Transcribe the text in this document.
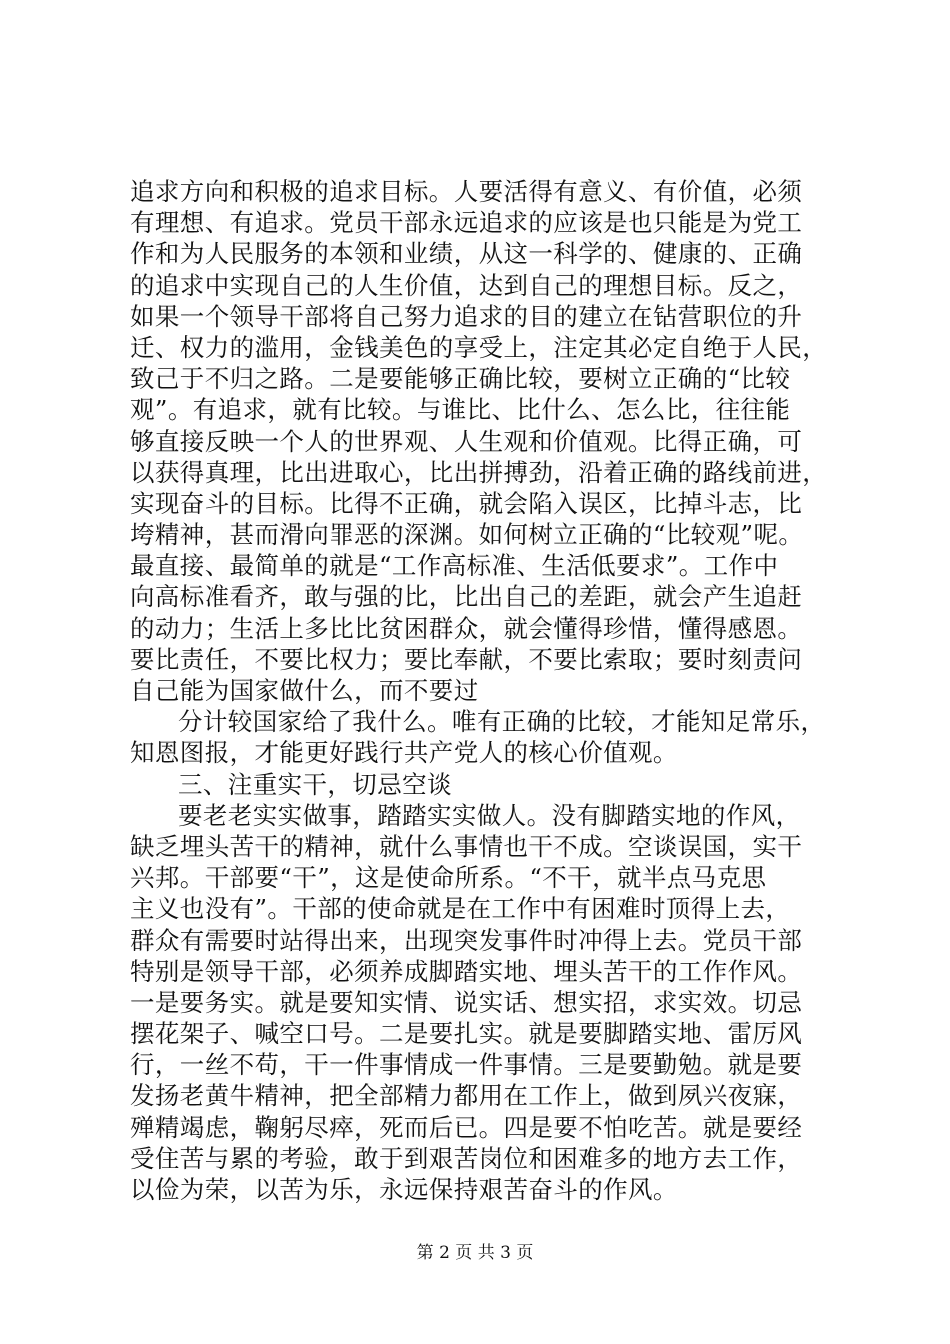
追求方向和积极的追求目标。人要活得有意义、有价值，必须
有理想、有追求。党员干部永远追求的应该是也只能是为党工
作和为人民服务的本领和业绩，从这一科学的、健康的、正确
的追求中实现自己的人生价值，达到自己的理想目标。反之，
如果一个领导干部将自己努力追求的目的建立在钻营职位的升
迁、权力的滥用，金钱美色的享受上，注定其必定自绝于人民，
致己于不归之路。二是要能够正确比较，要树立正确的“比较
观”。有追求，就有比较。与谁比、比什么、怎么比，往往能
够直接反映一个人的世界观、人生观和价值观。比得正确，可
以获得真理，比出进取心，比出拼搏劲，沿着正确的路线前进，
实现奋斗的目标。比得不正确，就会陷入误区，比掉斗志，比
垮精神，甚而滑向罪恶的深渊。如何树立正确的“比较观”呢。
最直接、最简单的就是“工作高标准、生活低要求”。工作中
向高标准看齐，敢与强的比，比出自己的差距，就会产生追赶
的动力；生活上多比比贫困群众，就会懂得珍惜，懂得感恩。
要比责任，不要比权力；要比奉献，不要比索取；要时刻责问
自己能为国家做什么，而不要过
分计较国家给了我什么。唯有正确的比较，才能知足常乐，
知恩图报，才能更好践行共产党人的核心价值观。
三、注重实干，切忌空谈
要老老实实做事，踏踏实实做人。没有脚踏实地的作风，
缺乏埋头苦干的精神，就什么事情也干不成。空谈误国，实干
兴邦。干部要“干”，这是使命所系。“不干，就半点马克思
主义也没有”。干部的使命就是在工作中有困难时顶得上去，
群众有需要时站得出来，出现突发事件时冲得上去。党员干部
特别是领导干部，必须养成脚踏实地、埋头苦干的工作作风。
一是要务实。就是要知实情、说实话、想实招，求实效。切忌
摆花架子、喊空口号。二是要扎实。就是要脚踏实地、雷厉风
行，一丝不苟，干一件事情成一件事情。三是要勤勉。就是要
发扬老黄牛精神，把全部精力都用在工作上，做到夙兴夜寐，
殚精竭虑，鞠躬尽瘁，死而后已。四是要不怕吃苦。就是要经
受住苦与累的考验，敢于到艰苦岗位和困难多的地方去工作，
以俭为荣，以苦为乐，永远保持艰苦奋斗的作风。
第 2 页 共 3 页
